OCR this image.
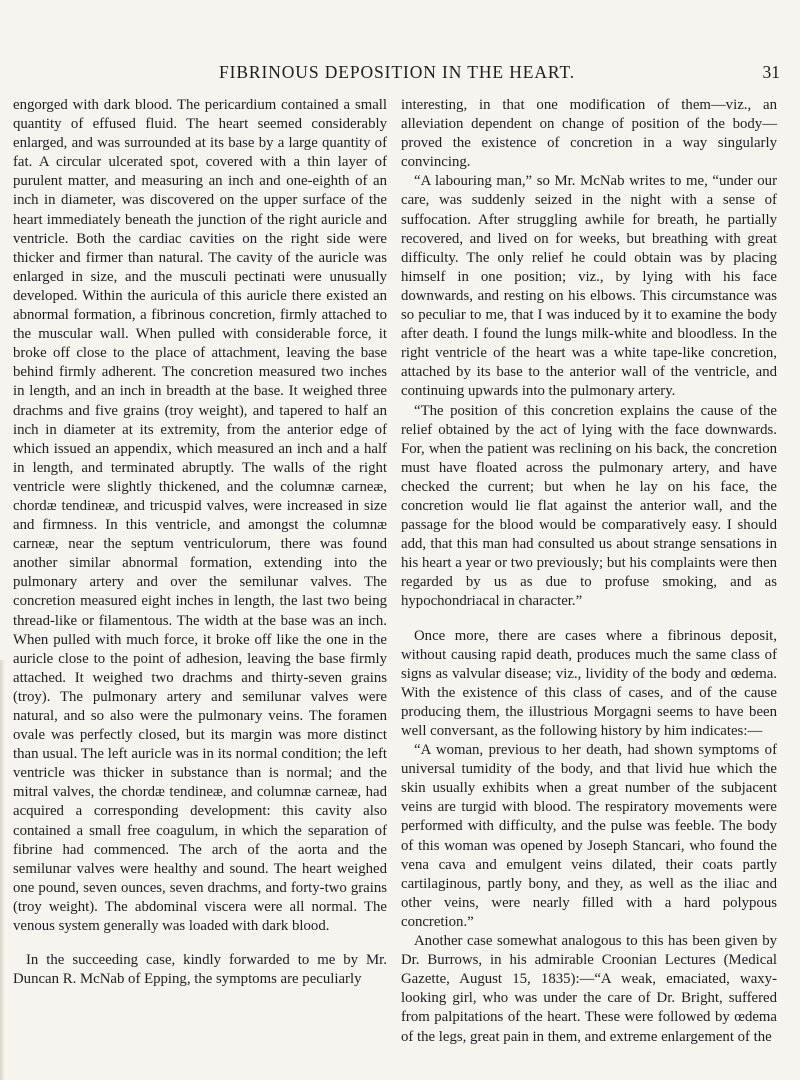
FIBRINOUS DEPOSITION IN THE HEART.	31

engorged with dark blood. The pericardium contained a small quantity of effused fluid. The heart seemed considerably enlarged, and was surrounded at its base by a large quantity of fat. A circular ulcerated spot, covered with a thin layer of purulent matter, and measuring an inch and one-eighth of an inch in diameter, was discovered on the upper surface of the heart immediately beneath the junction of the right auricle and ventricle. Both the cardiac cavities on the right side were thicker and firmer than natural. The cavity of the auricle was enlarged in size, and the musculi pectinati were unusually developed. Within the auricula of this auricle there existed an abnormal formation, a fibrinous concretion, firmly attached to the muscular wall. When pulled with considerable force, it broke off close to the place of attachment, leaving the base behind firmly adherent. The concretion measured two inches in length, and an inch in breadth at the base. It weighed three drachms and five grains (troy weight), and tapered to half an inch in diameter at its extremity, from the anterior edge of which issued an appendix, which measured an inch and a half in length, and terminated abruptly. The walls of the right ventricle were slightly thickened, and the columnæ carneæ, chordæ tendineæ, and tricuspid valves, were increased in size and firmness. In this ventricle, and amongst the columnæ carneæ, near the septum ventriculorum, there was found another similar abnormal formation, extending into the pulmonary artery and over the semilunar valves. The concretion measured eight inches in length, the last two being thread-like or filamentous. The width at the base was an inch. When pulled with much force, it broke off like the one in the auricle close to the point of adhesion, leaving the base firmly attached. It weighed two drachms and thirty-seven grains (troy). The pulmonary artery and semilunar valves were natural, and so also were the pulmonary veins. The foramen ovale was perfectly closed, but its margin was more distinct than usual. The left auricle was in its normal condition; the left ventricle was thicker in substance than is normal; and the mitral valves, the chordæ tendineæ, and columnæ carneæ, had acquired a corresponding development: this cavity also contained a small free coagulum, in which the separation of fibrine had commenced. The arch of the aorta and the semilunar valves were healthy and sound. The heart weighed one pound, seven ounces, seven drachms, and forty-two grains (troy weight). The abdominal viscera were all normal. The venous system generally was loaded with dark blood.

In the succeeding case, kindly forwarded to me by Mr. Duncan R. McNab of Epping, the symptoms are peculiarly

interesting, in that one modification of them—viz., an alleviation dependent on change of position of the body—proved the existence of concretion in a way singularly convincing.

“A labouring man,” so Mr. McNab writes to me, “under our care, was suddenly seized in the night with a sense of suffocation. After struggling awhile for breath, he partially recovered, and lived on for weeks, but breathing with great difficulty. The only relief he could obtain was by placing himself in one position; viz., by lying with his face downwards, and resting on his elbows. This circumstance was so peculiar to me, that I was induced by it to examine the body after death. I found the lungs milk-white and bloodless. In the right ventricle of the heart was a white tape-like concretion, attached by its base to the anterior wall of the ventricle, and continuing upwards into the pulmonary artery.

“The position of this concretion explains the cause of the relief obtained by the act of lying with the face downwards. For, when the patient was reclining on his back, the concretion must have floated across the pulmonary artery, and have checked the current; but when he lay on his face, the concretion would lie flat against the anterior wall, and the passage for the blood would be comparatively easy. I should add, that this man had consulted us about strange sensations in his heart a year or two previously; but his complaints were then regarded by us as due to profuse smoking, and as hypochondriacal in character.”

Once more, there are cases where a fibrinous deposit, without causing rapid death, produces much the same class of signs as valvular disease; viz., lividity of the body and œdema. With the existence of this class of cases, and of the cause producing them, the illustrious Morgagni seems to have been well conversant, as the following history by him indicates:—

“A woman, previous to her death, had shown symptoms of universal tumidity of the body, and that livid hue which the skin usually exhibits when a great number of the subjacent veins are turgid with blood. The respiratory movements were performed with difficulty, and the pulse was feeble. The body of this woman was opened by Joseph Stancari, who found the vena cava and emulgent veins dilated, their coats partly cartilaginous, partly bony, and they, as well as the iliac and other veins, were nearly filled with a hard polypous concretion.”

Another case somewhat analogous to this has been given by Dr. Burrows, in his admirable Croonian Lectures (Medical Gazette, August 15, 1835):—“A weak, emaciated, waxy-looking girl, who was under the care of Dr. Bright, suffered from palpitations of the heart. These were followed by œdema of the legs, great pain in them, and extreme enlargement of the
